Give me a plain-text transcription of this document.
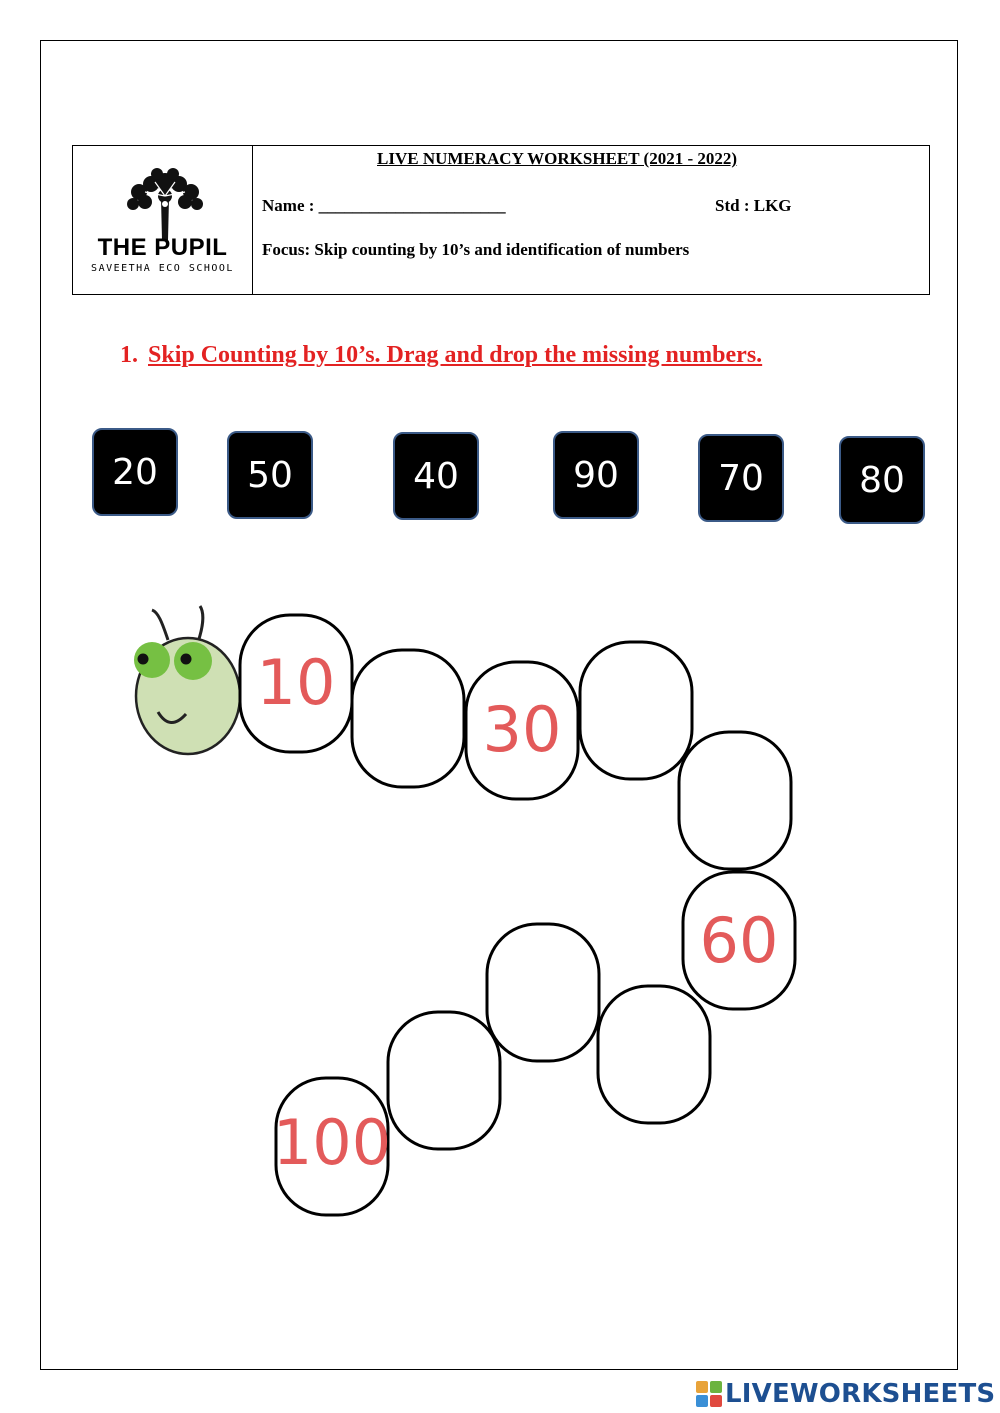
THE PUPIL
SAVEETHA ECO SCHOOL
LIVE NUMERACY WORKSHEET (2021 - 2022)
Name : ______________________	Std : LKG
Focus: Skip counting by 10’s and identification of numbers
1. Skip Counting by 10’s. Drag and drop the missing numbers.
20	50	40	90	70	80
10
30
60
100
LIVEWORKSHEETS
